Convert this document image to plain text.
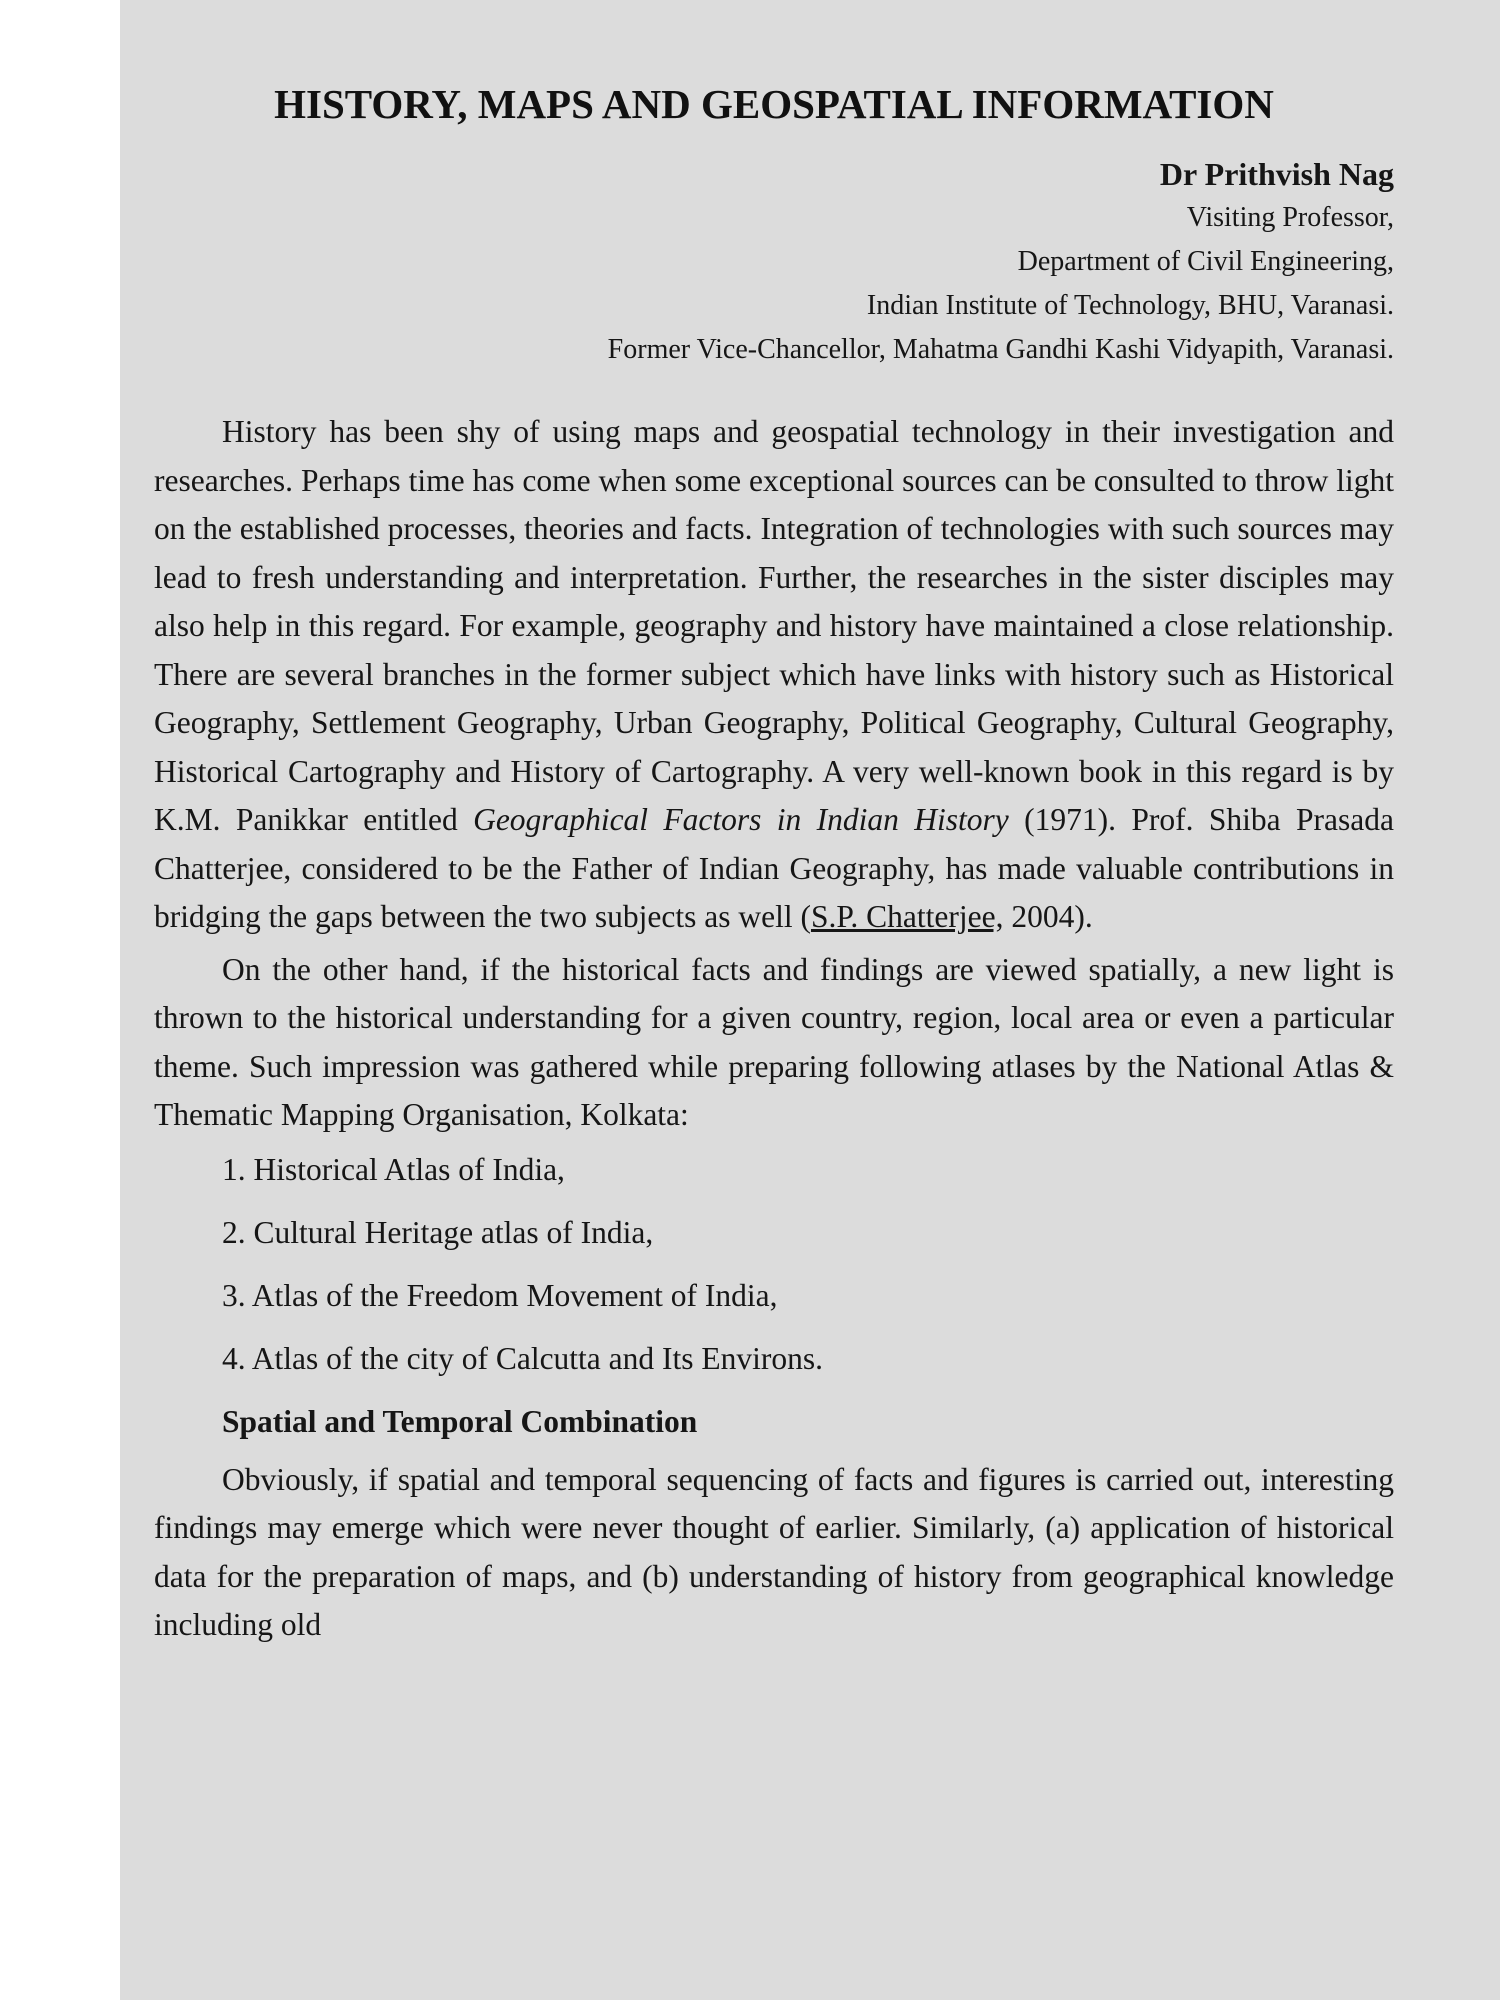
HISTORY, MAPS AND GEOSPATIAL INFORMATION
Dr Prithvish Nag
Visiting Professor,
Department of Civil Engineering,
Indian Institute of Technology, BHU, Varanasi.
Former Vice-Chancellor, Mahatma Gandhi Kashi Vidyapith, Varanasi.

History has been shy of using maps and geospatial technology in their investigation and researches. Perhaps time has come when some exceptional sources can be consulted to throw light on the established processes, theories and facts. Integration of technologies with such sources may lead to fresh understanding and interpretation. Further, the researches in the sister disciples may also help in this regard. For example, geography and history have maintained a close relationship. There are several branches in the former subject which have links with history such as Historical Geography, Settlement Geography, Urban Geography, Political Geography, Cultural Geography, Historical Cartography and History of Cartography. A very well-known book in this regard is by K.M. Panikkar entitled Geographical Factors in Indian History (1971). Prof. Shiba Prasada Chatterjee, considered to be the Father of Indian Geography, has made valuable contributions in bridging the gaps between the two subjects as well (S.P. Chatterjee, 2004).

On the other hand, if the historical facts and findings are viewed spatially, a new light is thrown to the historical understanding for a given country, region, local area or even a particular theme. Such impression was gathered while preparing following atlases by the National Atlas & Thematic Mapping Organisation, Kolkata:

1. Historical Atlas of India,
2. Cultural Heritage atlas of India,
3. Atlas of the Freedom Movement of India,
4. Atlas of the city of Calcutta and Its Environs.
Spatial and Temporal Combination

Obviously, if spatial and temporal sequencing of facts and figures is carried out, interesting findings may emerge which were never thought of earlier. Similarly, (a) application of historical data for the preparation of maps, and (b) understanding of history from geographical knowledge including old
